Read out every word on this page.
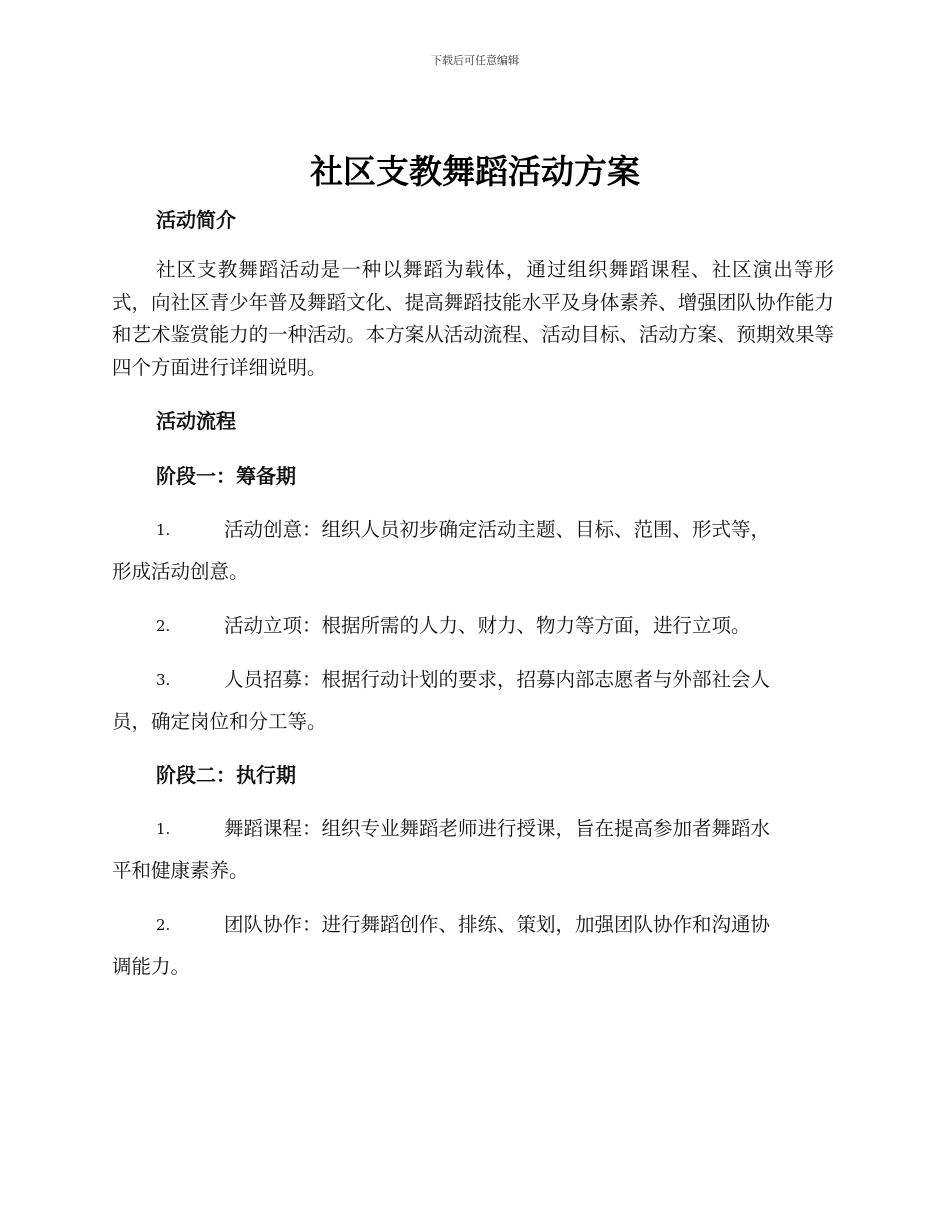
下载后可任意编辑
社区支教舞蹈活动方案

活动简介

社区支教舞蹈活动是一种以舞蹈为载体，通过组织舞蹈课程、社区演出等形式，向社区青少年普及舞蹈文化、提高舞蹈技能水平及身体素养、增强团队协作能力和艺术鉴赏能力的一种活动。本方案从活动流程、活动目标、活动方案、预期效果等四个方面进行详细说明。

活动流程

阶段一：筹备期

1.	活动创意：组织人员初步确定活动主题、目标、范围、形式等，

形成活动创意。

2.	活动立项：根据所需的人力、财力、物力等方面，进行立项。
3.	人员招募：根据行动计划的要求，招募内部志愿者与外部社会人

员，确定岗位和分工等。

阶段二：执行期

1.	舞蹈课程：组织专业舞蹈老师进行授课，旨在提高参加者舞蹈水

平和健康素养。

2.	团队协作：进行舞蹈创作、排练、策划，加强团队协作和沟通协

调能力。
